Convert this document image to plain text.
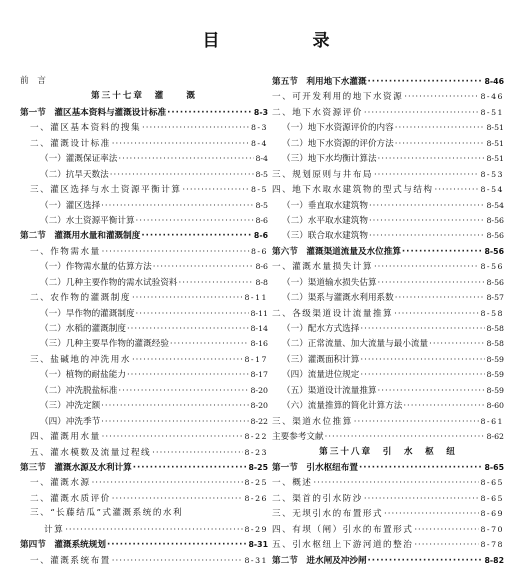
目　录
前　言
第三十七章　灌　　溉
第一节　灌区基本资料与灌溉设计标准 ·····	8-3
一、灌区基本资料的搜集 ·····	8-3
二、灌溉设计标准 ·····	8-4
（一）灌溉保证率法 ·····	8-4
（二）抗旱天数法 ·····	8-5
三、灌区选择与水土资源平衡计算 ·····	8-5
（一）灌区选择 ·····	8-5
（二）水土资源平衡计算 ·····	8-6
第二节　灌溉用水量和灌溉制度 ·····	8-6
一、作物需水量 ·····	8-6
（一）作物需水量的估算方法 ·····	8-6
（二）几种主要作物的需水试验资料 ·····	8-8
二、农作物的灌溉制度 ·····	8-11
（一）旱作物的灌溉制度 ·····	8-11
（二）水稻的灌溉制度 ·····	8-14
（三）几种主要旱作物的灌溉经验 ·····	8-16
三、盐碱地的冲洗用水 ·····	8-17
（一）植物的耐盐能力 ·····	8-17
（二）冲洗脱盐标准 ·····	8-20
（三）冲洗定额 ·····	8-20
（四）冲洗季节 ·····	8-22
四、灌溉用水量 ·····	8-22
五、灌水模数及流量过程线 ·····	8-23
第三节　灌溉水源及水利计算 ·····	8-25
一、灌溉水源 ·····	8-25
二、灌溉水质评价 ·····	8-26
三、“长藤结瓜”式灌溉系统的水利
计算 ·····	8-29
第四节　灌溉系统规划 ·····	8-31
一、灌溉系统布置 ·····	8-31
第五节　利用地下水灌溉 ·····	8-46
一、可开发利用的地下水资源 ·····	8-46
二、地下水资源评价 ·····	8-51
（一）地下水资源评价的内容 ·····	8-51
（二）地下水资源的评价方法 ·····	8-51
（三）地下水均衡计算法 ·····	8-51
三、规划原则与井布局 ·····	8-53
四、地下水取水建筑物的型式与结构 ·····	8-54
（一）垂直取水建筑物 ·····	8-54
（二）水平取水建筑物 ·····	8-56
（三）联合取水建筑物 ·····	8-56
第六节　灌溉渠道流量及水位推算 ·····	8-56
一、灌溉水量损失计算 ·····	8-56
（一）渠道输水损失估算 ·····	8-56
（二）渠系与灌溉水利用系数 ·····	8-57
二、各级渠道设计流量推算 ·····	8-58
（一）配水方式选择 ·····	8-58
（二）正常流量、加大流量与最小流量 ·····	8-58
（三）灌溉面积计算 ·····	8-59
（四）流量进位规定 ·····	8-59
（五）渠道设计流量推算 ·····	8-59
（六）流量推算的简化计算方法 ·····	8-60
三、渠道水位推算 ·····	8-61
主要参考文献 ·····	8-62
第三十八章　引　水　枢　纽
第一节　引水枢纽布置 ·····	8-65
一、概述 ·····	8-65
二、渠首的引水防沙 ·····	8-65
三、无坝引水的布置形式 ·····	8-69
四、有坝（闸）引水的布置形式 ·····	8-70
五、引水枢纽上下游河道的整治 ·····	8-78
第二节　进水闸及冲沙闸 ·····	8-82
